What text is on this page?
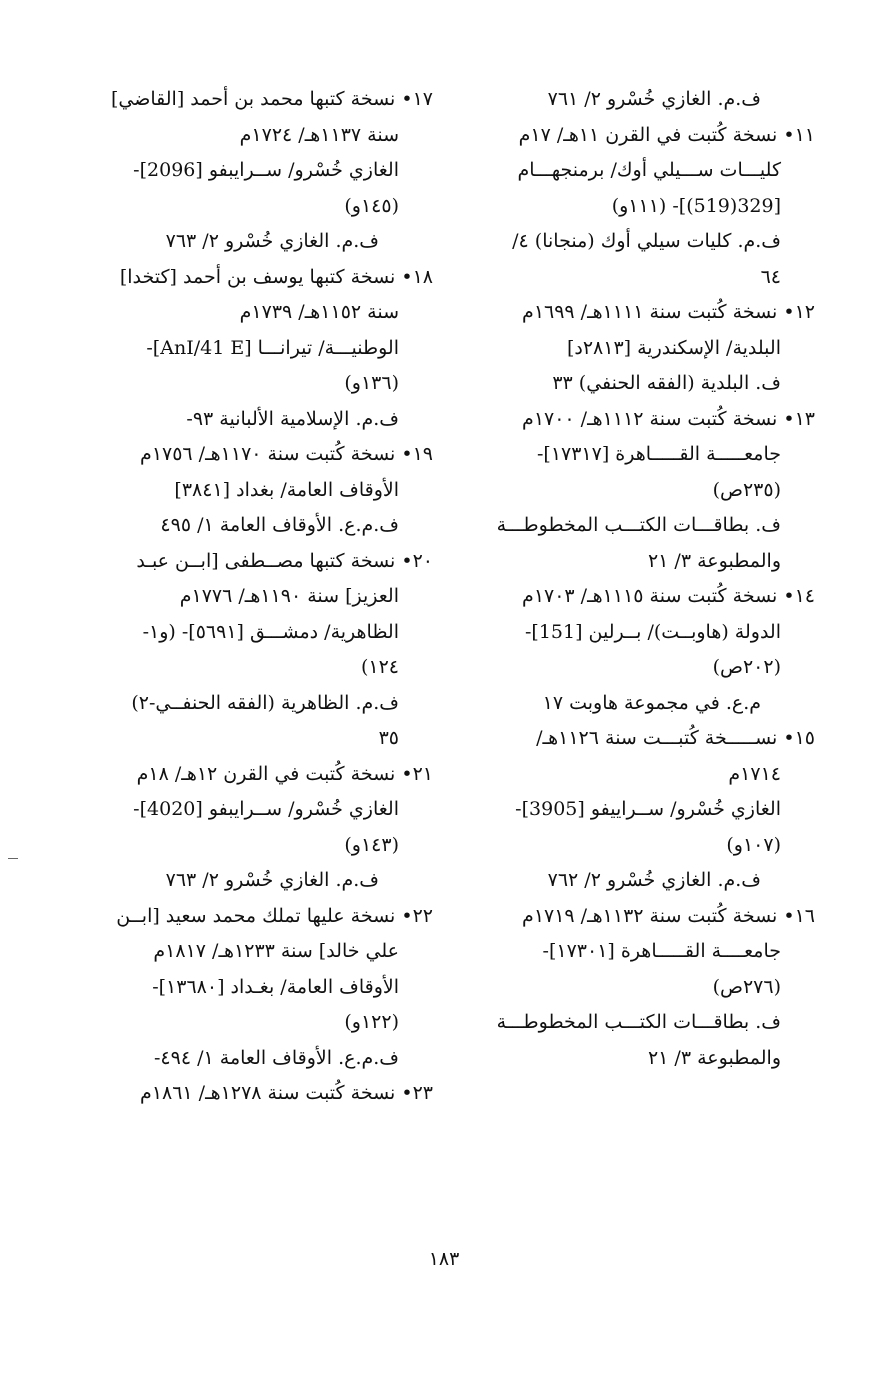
ف.م. الغازي خُسْرو ٢/ ٧٦١
١١• نسخة كُتبت في القرن ١١هـ/ ١٧م
كليـــات ســـيلي أوك/ برمنجهـــام
[329(519)]- (١١١و)
ف.م. كليات سيلي أوك (منجانا) ٤/
٦٤
١٢• نسخة كُتبت سنة ١١١١هـ/ ١٦٩٩م
البلدية/ الإسكندرية [٢٨١٣د]
ف. البلدية (الفقه الحنفي) ٣٣
١٣• نسخة كُتبت سنة ١١١٢هـ/ ١٧٠٠م
جامعـــــة القـــــاهرة [١٧٣١٧]-
(٢٣٥ص)
ف. بطاقـــات الكتـــب المخطوطـــة
والمطبوعة ٣/ ٢١
١٤• نسخة كُتبت سنة ١١١٥هـ/ ١٧٠٣م
الدولة (هاوبــت)/ بــرلين [151]-
(٢٠٢ص)
م.ع. في مجموعة هاوبت ١٧
١٥• نســـــخة كُتبـــت سنة ١١٢٦هـ/
١٧١٤م
الغازي خُسْرو/ ســراييفو [3905]-
(١٠٧و)
ف.م. الغازي خُسْرو ٢/ ٧٦٢
١٦• نسخة كُتبت سنة ١١٣٢هـ/ ١٧١٩م
جامعــــة القـــــاهرة [١٧٣٠١]-
(٢٧٦ص)
ف. بطاقـــات الكتـــب المخطوطـــة
والمطبوعة ٣/ ٢١
١٧• نسخة كتبها محمد بن أحمد [القاضي]
سنة ١١٣٧هـ/ ١٧٢٤م
الغازي خُسْرو/ ســرايبفو [2096]-
(١٤٥و)
ف.م. الغازي خُسْرو ٢/ ٧٦٣
١٨• نسخة كتبها يوسف بن أحمد [كتخدا]
سنة ١١٥٢هـ/ ١٧٣٩م
الوطنيـــة/ تيرانـــا [AnI/41 E]-
(١٣٦و)
ف.م. الإسلامية الألبانية ٩٣-
١٩• نسخة كُتبت سنة ١١٧٠هـ/ ١٧٥٦م
الأوقاف العامة/ بغداد [٣٨٤١]
ف.م.ع. الأوقاف العامة ١/ ٤٩٥
٢٠• نسخة كتبها مصــطفى [ابــن عبـد
العزيز] سنة ١١٩٠هـ/ ١٧٧٦م
الظاهرية/ دمشـــق [٥٦٩١]- (و١-
١٢٤)
ف.م. الظاهرية (الفقه الحنفــي-٢)
٣٥
٢١• نسخة كُتبت في القرن ١٢هـ/ ١٨م
الغازي خُسْرو/ ســرايبفو [4020]-
(١٤٣و)
ف.م. الغازي خُسْرو ٢/ ٧٦٣
٢٢• نسخة عليها تملك محمد سعيد [ابــن
علي خالد] سنة ١٢٣٣هـ/ ١٨١٧م
الأوقاف العامة/ بغـداد [١٣٦٨٠]-
(١٢٢و)
ف.م.ع. الأوقاف العامة ١/ ٤٩٤-
٢٣• نسخة كُتبت سنة ١٢٧٨هـ/ ١٨٦١م
١٨٣
